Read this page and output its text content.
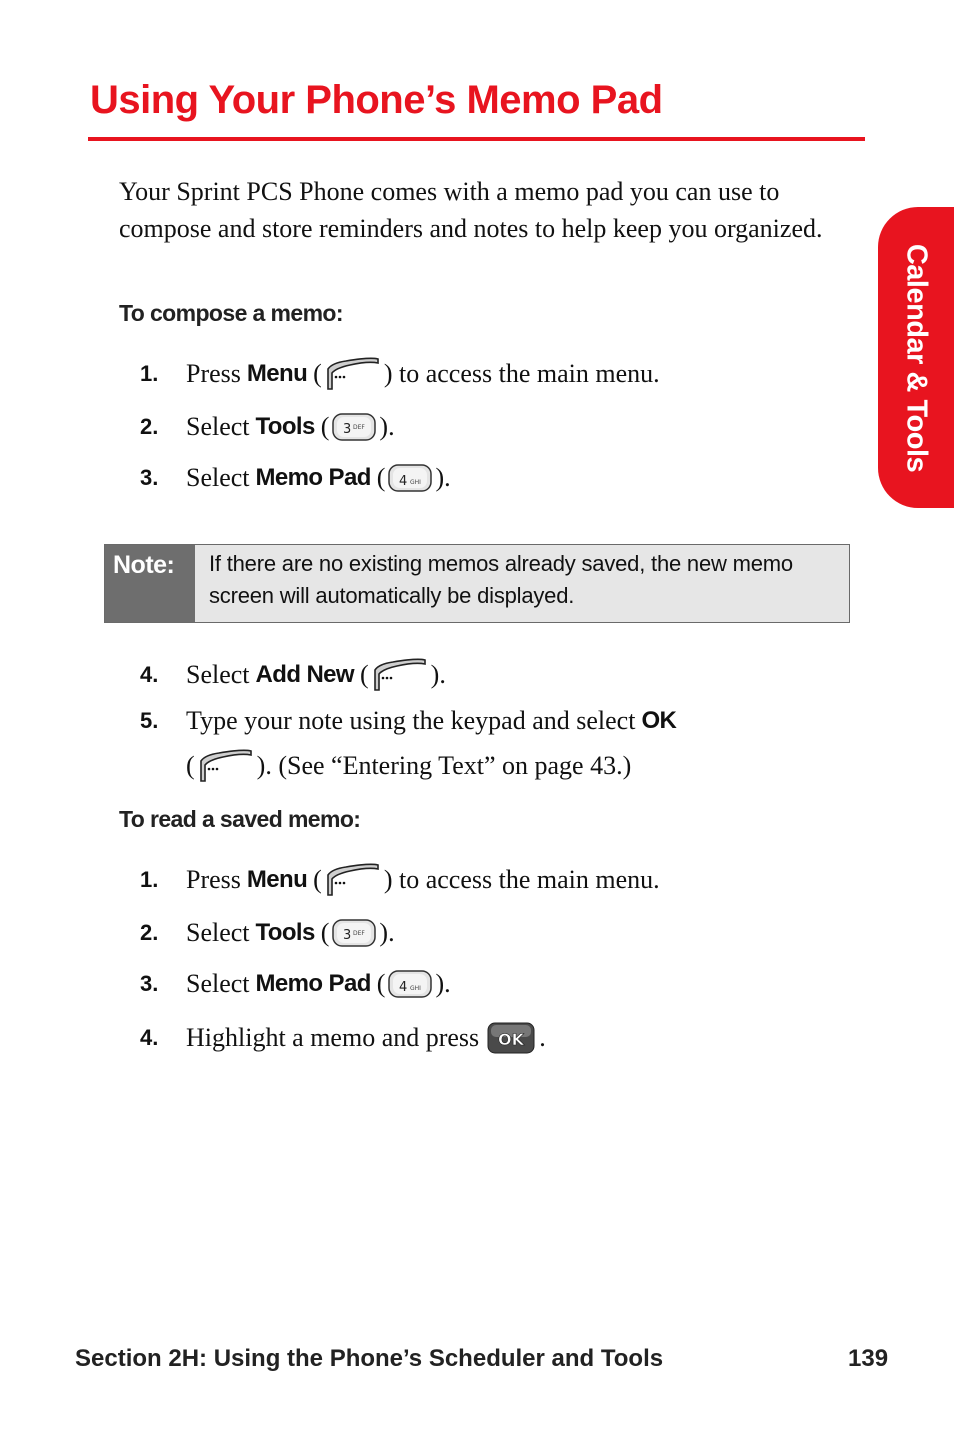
Using Your Phone’s Memo Pad
Calendar & Tools
Your Sprint PCS Phone comes with a memo pad you can use to compose and store reminders and notes to help keep you organized.
To compose a memo:
1. Press Menu ( ) to access the main menu.
2. Select Tools ( 3 DEF ).
3. Select Memo Pad ( 4 GHI ).
Note:	If there are no existing memos already saved, the new memo screen will automatically be displayed.
4. Select Add New ( ).
5. Type your note using the keypad and select OK
( ). (See “Entering Text” on page 43.)
To read a saved memo:
1. Press Menu ( ) to access the main menu.
2. Select Tools ( 3 DEF ).
3. Select Memo Pad ( 4 GHI ).
4. Highlight a memo and press OK .
Section 2H: Using the Phone’s Scheduler and Tools	139
